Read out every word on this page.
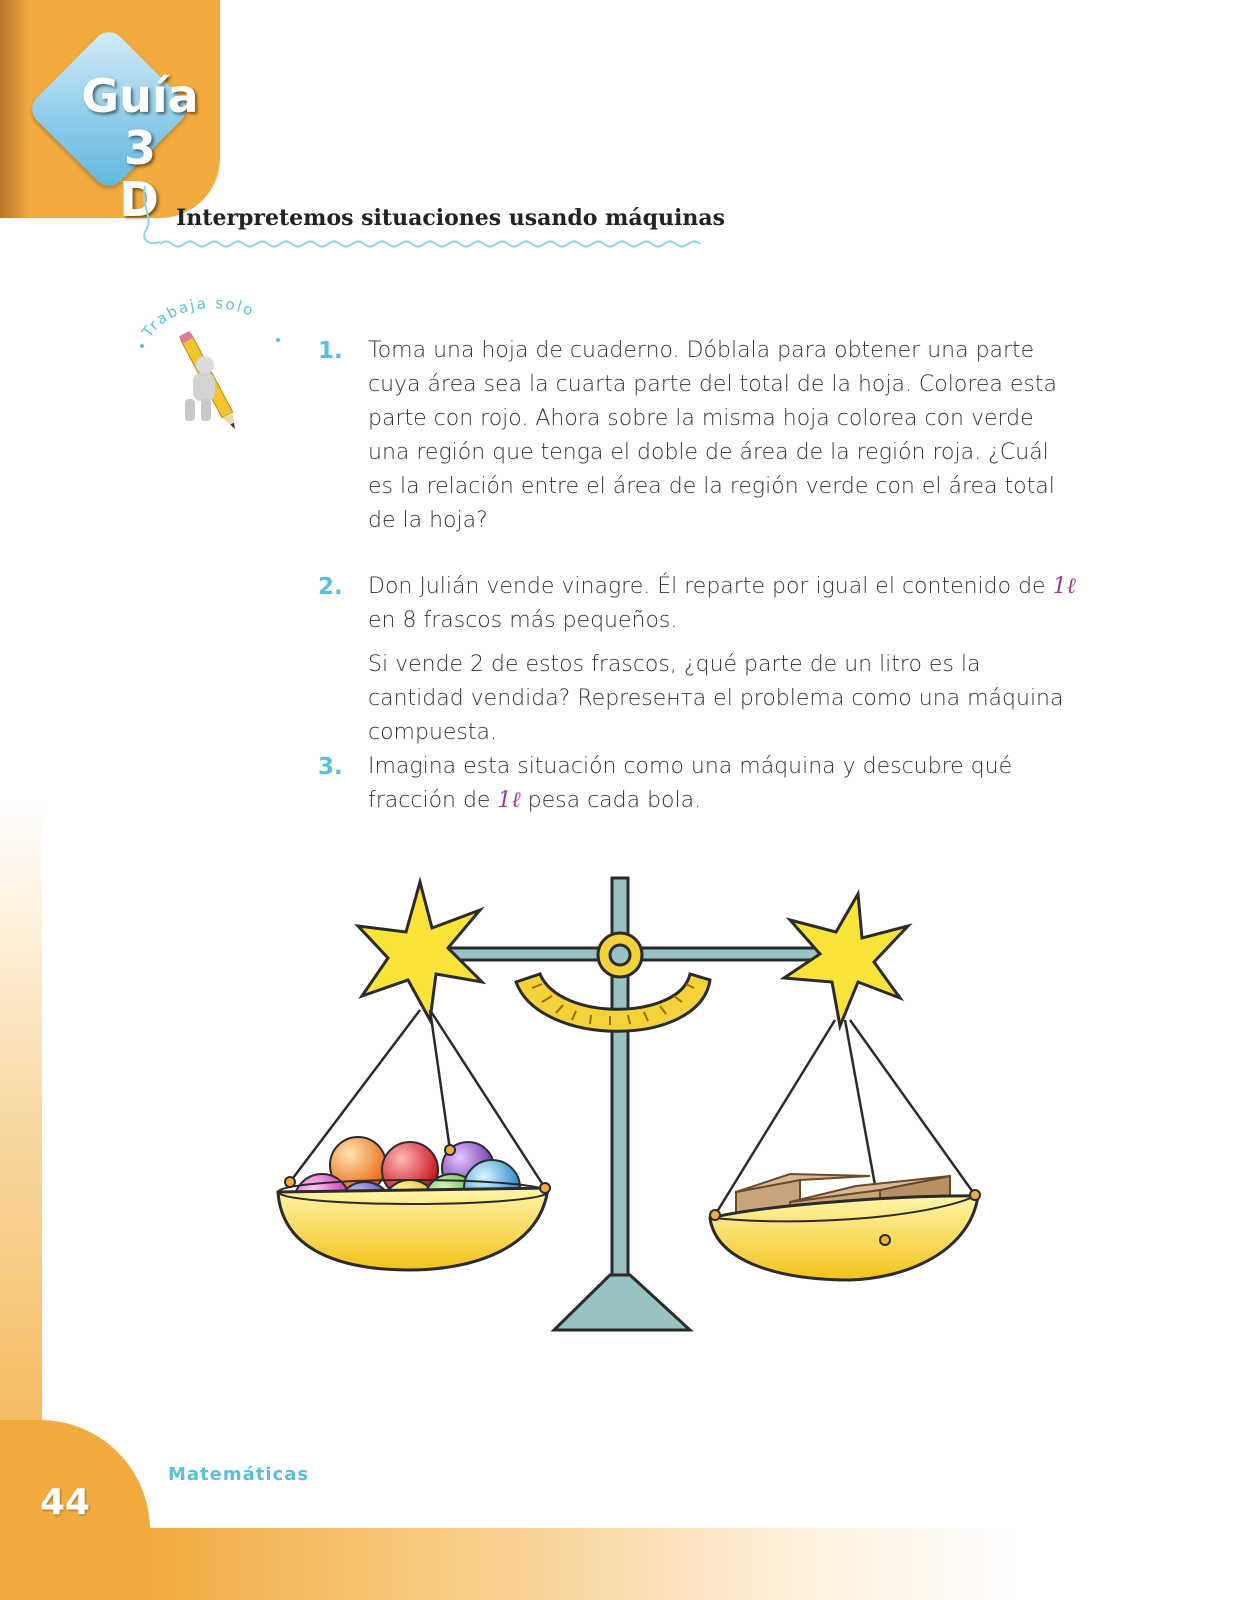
Guía 3
D Interpretemos situaciones usando máquinas
Trabaja solo
1. Toma una hoja de cuaderno. Dóblala para obtener una parte cuya área sea la cuarta parte del total de la hoja. Colorea esta parte con rojo. Ahora sobre la misma hoja colorea con verde una región que tenga el doble de área de la región roja. ¿Cuál es la relación entre el área de la región verde con el área total de la hoja?

2. Don Julián vende vinagre. Él reparte por igual el contenido de 1ℓ en 8 frascos más pequeños.

Si vende 2 de estos frascos, ¿qué parte de un litro es la cantidad vendida? Represента el problema como una máquina compuesta.

3. Imagina esta situación como una máquina y descubre qué fracción de 1ℓ pesa cada bola.

44
Matemáticas
